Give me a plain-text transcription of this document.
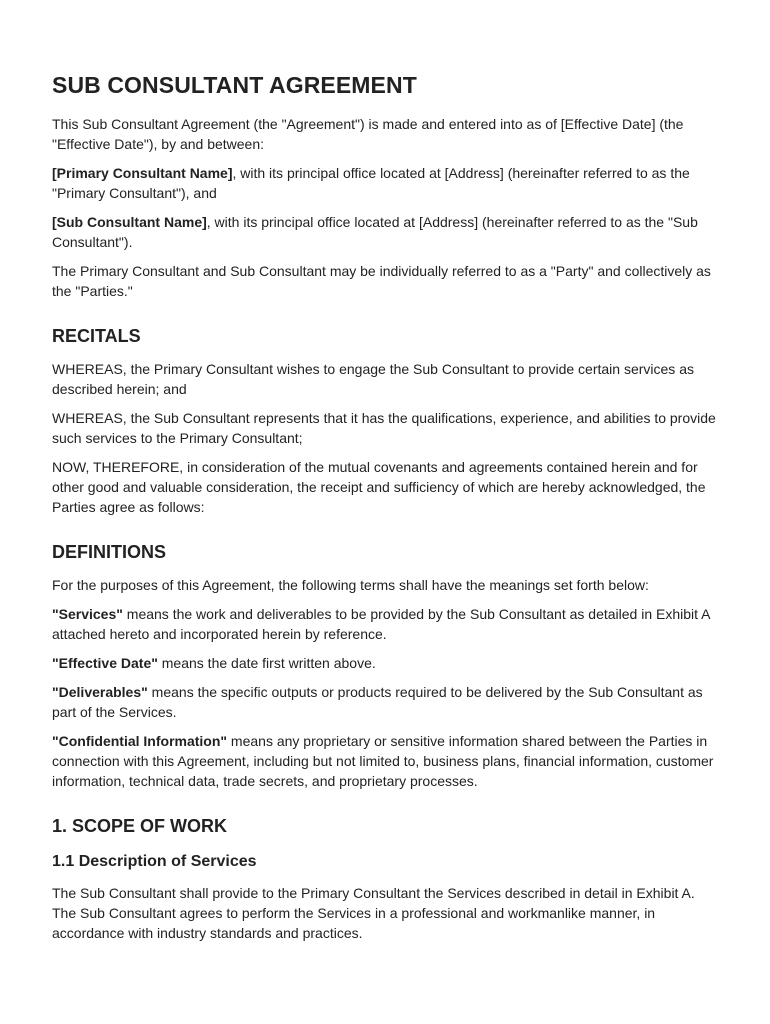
SUB CONSULTANT AGREEMENT

This Sub Consultant Agreement (the "Agreement") is made and entered into as of [Effective Date] (the "Effective Date"), by and between:

[Primary Consultant Name], with its principal office located at [Address] (hereinafter referred to as the "Primary Consultant"), and

[Sub Consultant Name], with its principal office located at [Address] (hereinafter referred to as the "Sub Consultant").

The Primary Consultant and Sub Consultant may be individually referred to as a "Party" and collectively as the "Parties."

RECITALS

WHEREAS, the Primary Consultant wishes to engage the Sub Consultant to provide certain services as described herein; and

WHEREAS, the Sub Consultant represents that it has the qualifications, experience, and abilities to provide such services to the Primary Consultant;

NOW, THEREFORE, in consideration of the mutual covenants and agreements contained herein and for other good and valuable consideration, the receipt and sufficiency of which are hereby acknowledged, the Parties agree as follows:

DEFINITIONS

For the purposes of this Agreement, the following terms shall have the meanings set forth below:

"Services" means the work and deliverables to be provided by the Sub Consultant as detailed in Exhibit A attached hereto and incorporated herein by reference.

"Effective Date" means the date first written above.

"Deliverables" means the specific outputs or products required to be delivered by the Sub Consultant as part of the Services.

"Confidential Information" means any proprietary or sensitive information shared between the Parties in connection with this Agreement, including but not limited to, business plans, financial information, customer information, technical data, trade secrets, and proprietary processes.

1. SCOPE OF WORK
1.1 Description of Services

The Sub Consultant shall provide to the Primary Consultant the Services described in detail in Exhibit A. The Sub Consultant agrees to perform the Services in a professional and workmanlike manner, in accordance with industry standards and practices.
